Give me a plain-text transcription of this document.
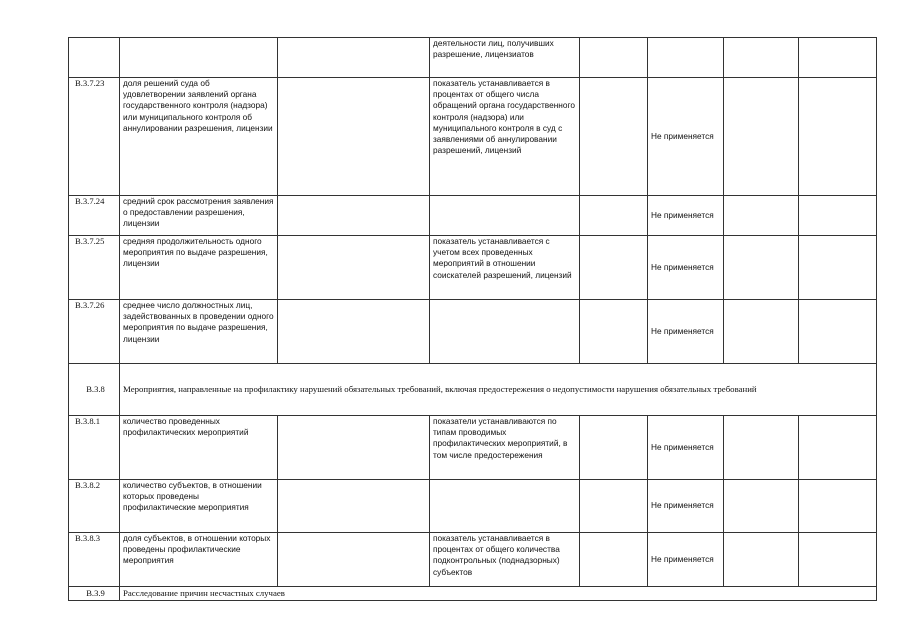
			деятельности лиц, получивших разрешение, лицензиатов				
В.3.7.23	доля решений суда об удовлетворении заявлений органа государственного контроля (надзора) или муниципального контроля об аннулировании разрешения, лицензии		показатель устанавливается в процентах от общего числа обращений органа государственного контроля (надзора) или муниципального контроля в суд с заявлениями об аннулировании разрешений, лицензий		Не применяется		
В.3.7.24	средний срок рассмотрения заявления о предоставлении разрешения, лицензии				Не применяется		
В.3.7.25	средняя продолжительность одного мероприятия по выдаче разрешения, лицензии		показатель устанавливается с учетом всех проведенных мероприятий в отношении соискателей разрешений, лицензий		Не применяется		
В.3.7.26	среднее число должностных лиц, задействованных в проведении одного мероприятия по выдаче разрешения, лицензии				Не применяется		
В.3.8	Мероприятия, направленные на профилактику нарушений обязательных требований, включая предостережения о недопустимости нарушения обязательных требований						
В.3.8.1	количество проведенных профилактических мероприятий		показатели устанавливаются по типам проводимых профилактических мероприятий, в том числе предостережения		Не применяется		
В.3.8.2	количество субъектов, в отношении которых проведены профилактические мероприятия				Не применяется		
В.3.8.3	доля субъектов, в отношении которых проведены профилактические мероприятия		показатель устанавливается в процентах от общего количества подконтрольных (поднадзорных) субъектов		Не применяется		
В.3.9	Расследование причин несчастных случаев						
